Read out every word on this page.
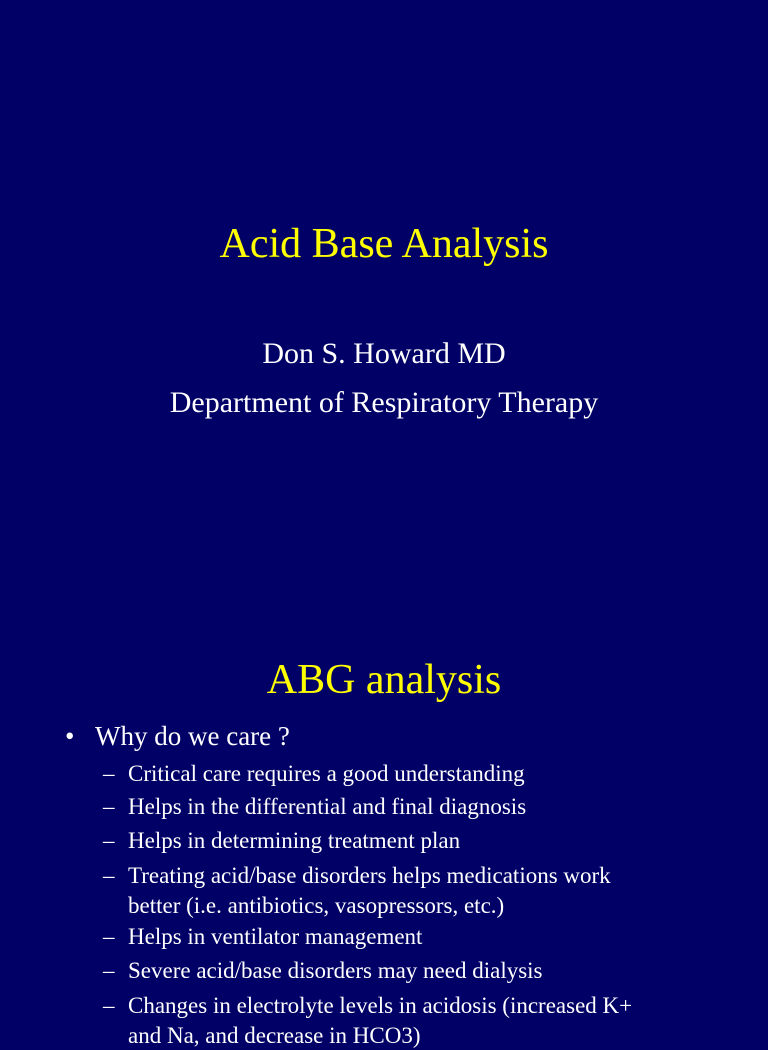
Acid Base Analysis
Don S. Howard MD
Department of Respiratory Therapy
ABG analysis
• Why do we care ?
– Critical care requires a good understanding
– Helps in the differential and final diagnosis
– Helps in determining treatment plan
– Treating acid/base disorders helps medications work
better (i.e. antibiotics, vasopressors, etc.)
– Helps in ventilator management
– Severe acid/base disorders may need dialysis
– Changes in electrolyte levels in acidosis (increased K+
and Na, and decrease in HCO3)
